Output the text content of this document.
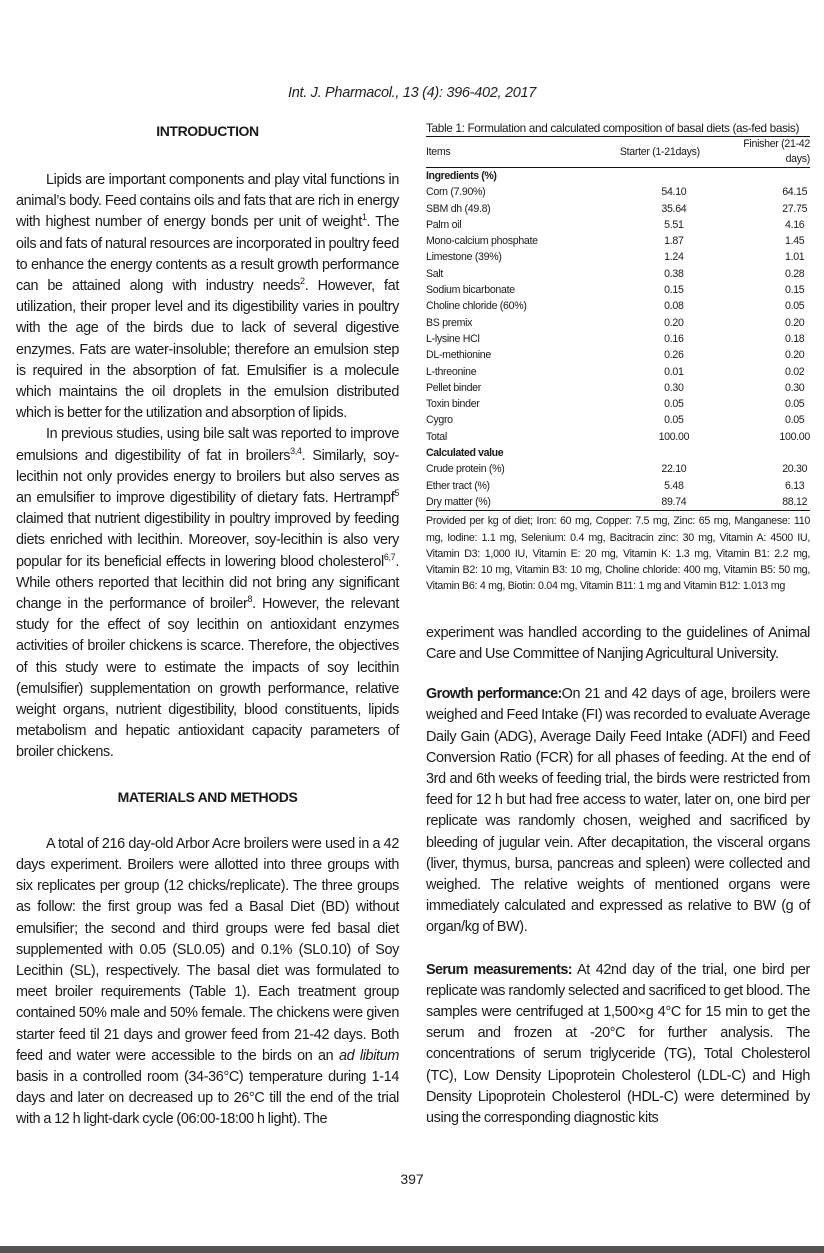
Int. J. Pharmacol., 13 (4): 396-402, 2017
INTRODUCTION

Lipids are important components and play vital functions in animal’s body. Feed contains oils and fats that are rich in energy with highest number of energy bonds per unit of weight$^1$. The oils and fats of natural resources are incorporated in poultry feed to enhance the energy contents as a result growth performance can be attained along with industry needs$^2$. However, fat utilization, their proper level and its digestibility varies in poultry with the age of the birds due to lack of several digestive enzymes. Fats are water-insoluble; therefore an emulsion step is required in the absorption of fat. Emulsifier is a molecule which maintains the oil droplets in the emulsion distributed which is better for the utilization and absorption of lipids.

In previous studies, using bile salt was reported to improve emulsions and digestibility of fat in broilers$^{3,4}$. Similarly, soy-lecithin not only provides energy to broilers but also serves as an emulsifier to improve digestibility of dietary fats. Hertrampf$^5$ claimed that nutrient digestibility in poultry improved by feeding diets enriched with lecithin. Moreover, soy-lecithin is also very popular for its beneficial effects in lowering blood cholesterol$^{6,7}$. While others reported that lecithin did not bring any significant change in the performance of broiler$^8$. However, the relevant study for the effect of soy lecithin on antioxidant enzymes activities of broiler chickens is scarce. Therefore, the objectives of this study were to estimate the impacts of soy lecithin (emulsifier) supplementation on growth performance, relative weight organs, nutrient digestibility, blood constituents, lipids metabolism and hepatic antioxidant capacity parameters of broiler chickens.

MATERIALS AND METHODS

A total of 216 day-old Arbor Acre broilers were used in a 42 days experiment. Broilers were allotted into three groups with six replicates per group (12 chicks/replicate). The three groups as follow: the first group was fed a Basal Diet (BD) without emulsifier; the second and third groups were fed basal diet supplemented with 0.05 (SL0.05) and 0.1% (SL0.10) of Soy Lecithin (SL), respectively. The basal diet was formulated to meet broiler requirements (Table 1). Each treatment group contained 50% male and 50% female. The chickens were given starter feed til 21 days and grower feed from 21-42 days. Both feed and water were accessible to the birds on an ad libitum basis in a controlled room (34-36°C) temperature during 1-14 days and later on decreased up to 26°C till the end of the trial with a 12 h light-dark cycle (06:00-18:00 h light). The

Table 1: Formulation and calculated composition of basal diets (as-fed basis)

Items	Starter (1-21days)	Finisher (21-42 days)
Ingredients (%)		
Corn (7.90%)	54.10	64.15
SBM dh (49.8)	35.64	27.75
Palm oil	5.51	4.16
Mono-calcium phosphate	1.87	1.45
Limestone (39%)	1.24	1.01
Salt	0.38	0.28
Sodium bicarbonate	0.15	0.15
Choline chloride (60%)	0.08	0.05
BS premix	0.20	0.20
L-lysine HCl	0.16	0.18
DL-methionine	0.26	0.20
L-threonine	0.01	0.02
Pellet binder	0.30	0.30
Toxin binder	0.05	0.05
Cygro	0.05	0.05
Total	100.00	100.00
Calculated value		
Crude protein (%)	22.10	20.30
Ether tract (%)	5.48	6.13
Dry matter (%)	89.74	88.12

Provided per kg of diet; Iron: 60 mg, Copper: 7.5 mg, Zinc: 65 mg, Manganese: 110 mg, Iodine: 1.1 mg, Selenium: 0.4 mg, Bacitracin zinc: 30 mg, Vitamin A: 4500 IU, Vitamin D3: 1,000 IU, Vitamin E: 20 mg, Vitamin K: 1.3 mg, Vitamin B1: 2.2 mg, Vitamin B2: 10 mg, Vitamin B3: 10 mg, Choline chloride: 400 mg, Vitamin B5: 50 mg, Vitamin B6: 4 mg, Biotin: 0.04 mg, Vitamin B11: 1 mg and Vitamin B12: 1.013 mg

experiment was handled according to the guidelines of Animal Care and Use Committee of Nanjing Agricultural University.

Growth performance:On 21 and 42 days of age, broilers were weighed and Feed Intake (FI) was recorded to evaluate Average Daily Gain (ADG), Average Daily Feed Intake (ADFI) and Feed Conversion Ratio (FCR) for all phases of feeding. At the end of 3rd and 6th weeks of feeding trial, the birds were restricted from feed for 12 h but had free access to water, later on, one bird per replicate was randomly chosen, weighed and sacrificed by bleeding of jugular vein. After decapitation, the visceral organs (liver, thymus, bursa, pancreas and spleen) were collected and weighed. The relative weights of mentioned organs were immediately calculated and expressed as relative to BW (g of organ/kg of BW).

Serum measurements: At 42nd day of the trial, one bird per replicate was randomly selected and sacrificed to get blood. The samples were centrifuged at 1,500×g 4°C for 15 min to get the serum and frozen at -20°C for further analysis. The concentrations of serum triglyceride (TG), Total Cholesterol (TC), Low Density Lipoprotein Cholesterol (LDL-C) and High Density Lipoprotein Cholesterol (HDL-C) were determined by using the corresponding diagnostic kits

397
